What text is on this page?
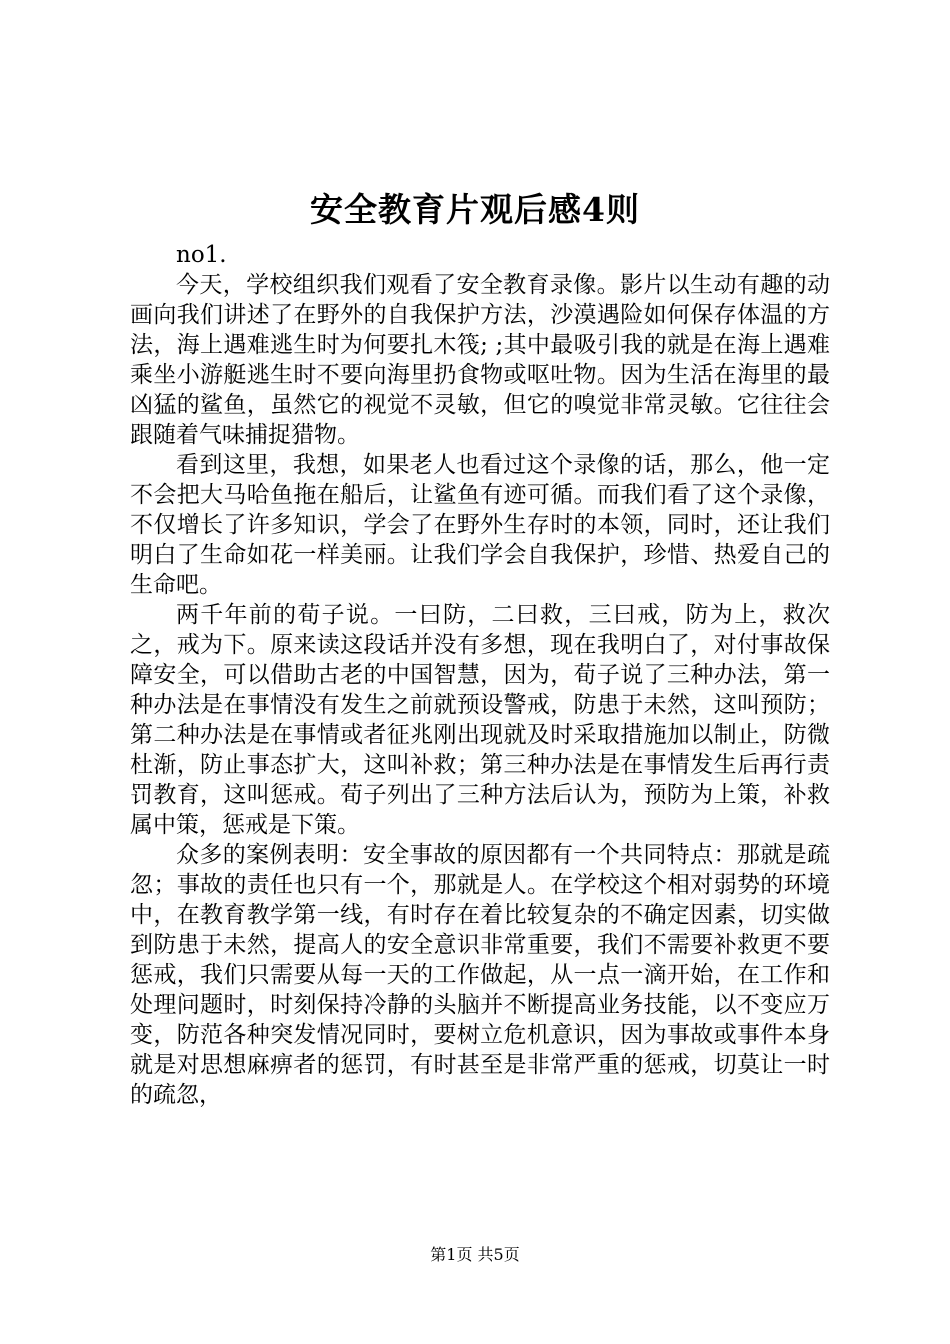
安全教育片观后感4则

no1.

今天，学校组织我们观看了安全教育录像。影片以生动有趣的动画向我们讲述了在野外的自我保护方法，沙漠遇险如何保存体温的方法，海上遇难逃生时为何要扎木筏; ;其中最吸引我的就是在海上遇难乘坐小游艇逃生时不要向海里扔食物或呕吐物。因为生活在海里的最凶猛的鲨鱼，虽然它的视觉不灵敏，但它的嗅觉非常灵敏。它往往会跟随着气味捕捉猎物。

看到这里，我想，如果老人也看过这个录像的话，那么，他一定不会把大马哈鱼拖在船后，让鲨鱼有迹可循。而我们看了这个录像，不仅增长了许多知识，学会了在野外生存时的本领，同时，还让我们明白了生命如花一样美丽。让我们学会自我保护，珍惜、热爱自己的生命吧。

两千年前的荀子说。一曰防，二曰救，三曰戒，防为上，救次之，戒为下。原来读这段话并没有多想，现在我明白了，对付事故保障安全，可以借助古老的中国智慧，因为，荀子说了三种办法，第一种办法是在事情没有发生之前就预设警戒，防患于未然，这叫预防；第二种办法是在事情或者征兆刚出现就及时采取措施加以制止，防微杜渐，防止事态扩大，这叫补救；第三种办法是在事情发生后再行责罚教育，这叫惩戒。荀子列出了三种方法后认为，预防为上策，补救属中策，惩戒是下策。

众多的案例表明：安全事故的原因都有一个共同特点：那就是疏忽；事故的责任也只有一个，那就是人。在学校这个相对弱势的环境中，在教育教学第一线，有时存在着比较复杂的不确定因素，切实做到防患于未然，提高人的安全意识非常重要，我们不需要补救更不要惩戒，我们只需要从每一天的工作做起，从一点一滴开始，在工作和处理问题时，时刻保持冷静的头脑并不断提高业务技能，以不变应万变，防范各种突发情况同时，要树立危机意识，因为事故或事件本身就是对思想麻痹者的惩罚，有时甚至是非常严重的惩戒，切莫让一时的疏忽，

第1页 共5页
